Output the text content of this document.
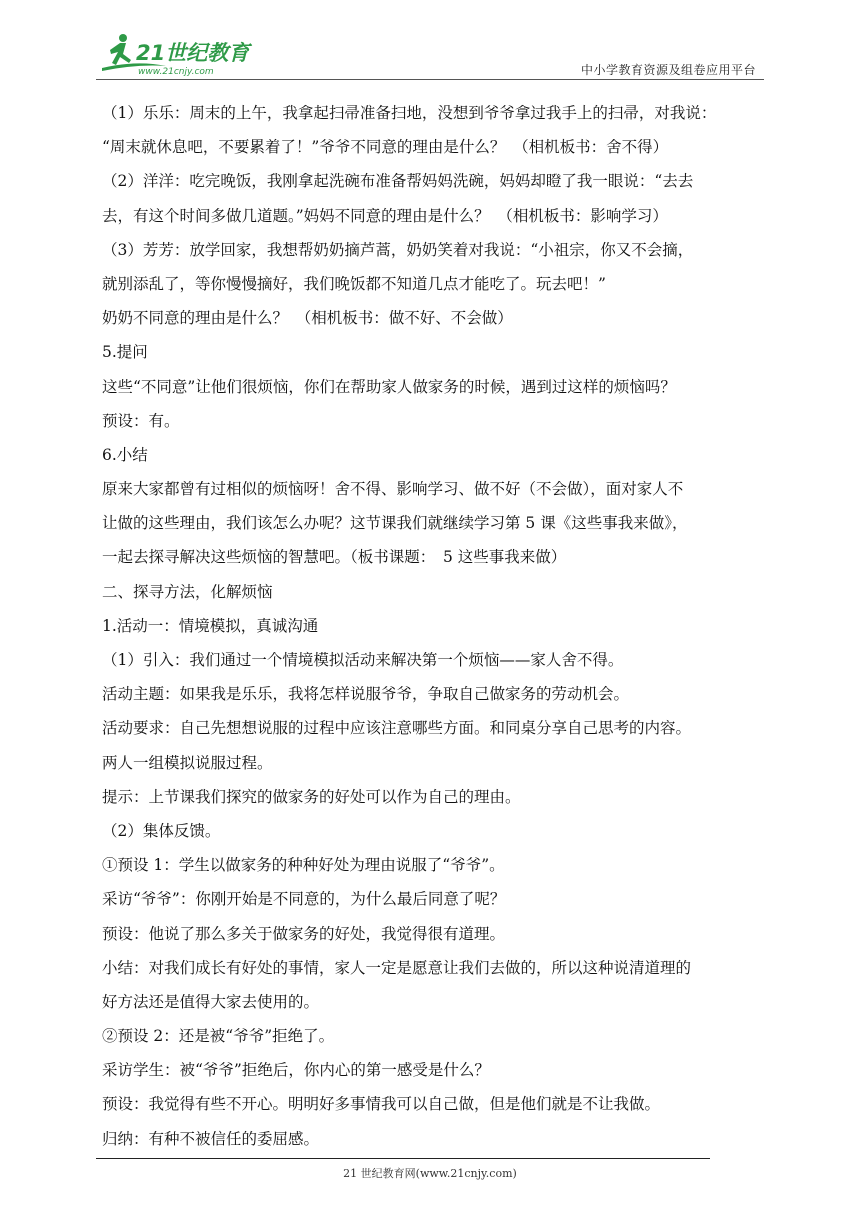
21世纪教育
www.21cnjy.com	中小学教育资源及组卷应用平台

（1）乐乐：周末的上午，我拿起扫帚准备扫地，没想到爷爷拿过我手上的扫帚，对我说：

“周末就休息吧，不要累着了！”爷爷不同意的理由是什么？　（相机板书：舍不得）

（2）洋洋：吃完晚饭，我刚拿起洗碗布准备帮妈妈洗碗，妈妈却瞪了我一眼说：“去去

去，有这个时间多做几道题。”妈妈不同意的理由是什么？　（相机板书：影响学习）

（3）芳芳：放学回家，我想帮奶奶摘芦蒿，奶奶笑着对我说：“小祖宗，你又不会摘，

就别添乱了，等你慢慢摘好，我们晚饭都不知道几点才能吃了。玩去吧！”

奶奶不同意的理由是什么？　（相机板书：做不好、不会做）

5.提问

这些“不同意”让他们很烦恼，你们在帮助家人做家务的时候，遇到过这样的烦恼吗？

预设：有。

6.小结

原来大家都曾有过相似的烦恼呀！舍不得、影响学习、做不好（不会做），面对家人不

让做的这些理由，我们该怎么办呢？这节课我们就继续学习第 5 课《这些事我来做》，

一起去探寻解决这些烦恼的智慧吧。（板书课题：　5 这些事我来做）

二、探寻方法，化解烦恼

1.活动一：情境模拟，真诚沟通

（1）引入：我们通过一个情境模拟活动来解决第一个烦恼——家人舍不得。

活动主题：如果我是乐乐，我将怎样说服爷爷，争取自己做家务的劳动机会。

活动要求：自己先想想说服的过程中应该注意哪些方面。和同桌分享自己思考的内容。

两人一组模拟说服过程。

提示：上节课我们探究的做家务的好处可以作为自己的理由。

（2）集体反馈。

①预设 1：学生以做家务的种种好处为理由说服了“爷爷”。

采访“爷爷”：你刚开始是不同意的，为什么最后同意了呢？

预设：他说了那么多关于做家务的好处，我觉得很有道理。

小结：对我们成长有好处的事情，家人一定是愿意让我们去做的，所以这种说清道理的

好方法还是值得大家去使用的。

②预设 2：还是被“爷爷”拒绝了。

采访学生：被“爷爷”拒绝后，你内心的第一感受是什么？

预设：我觉得有些不开心。明明好多事情我可以自己做，但是他们就是不让我做。

归纳：有种不被信任的委屈感。

21 世纪教育网(www.21cnjy.com)
